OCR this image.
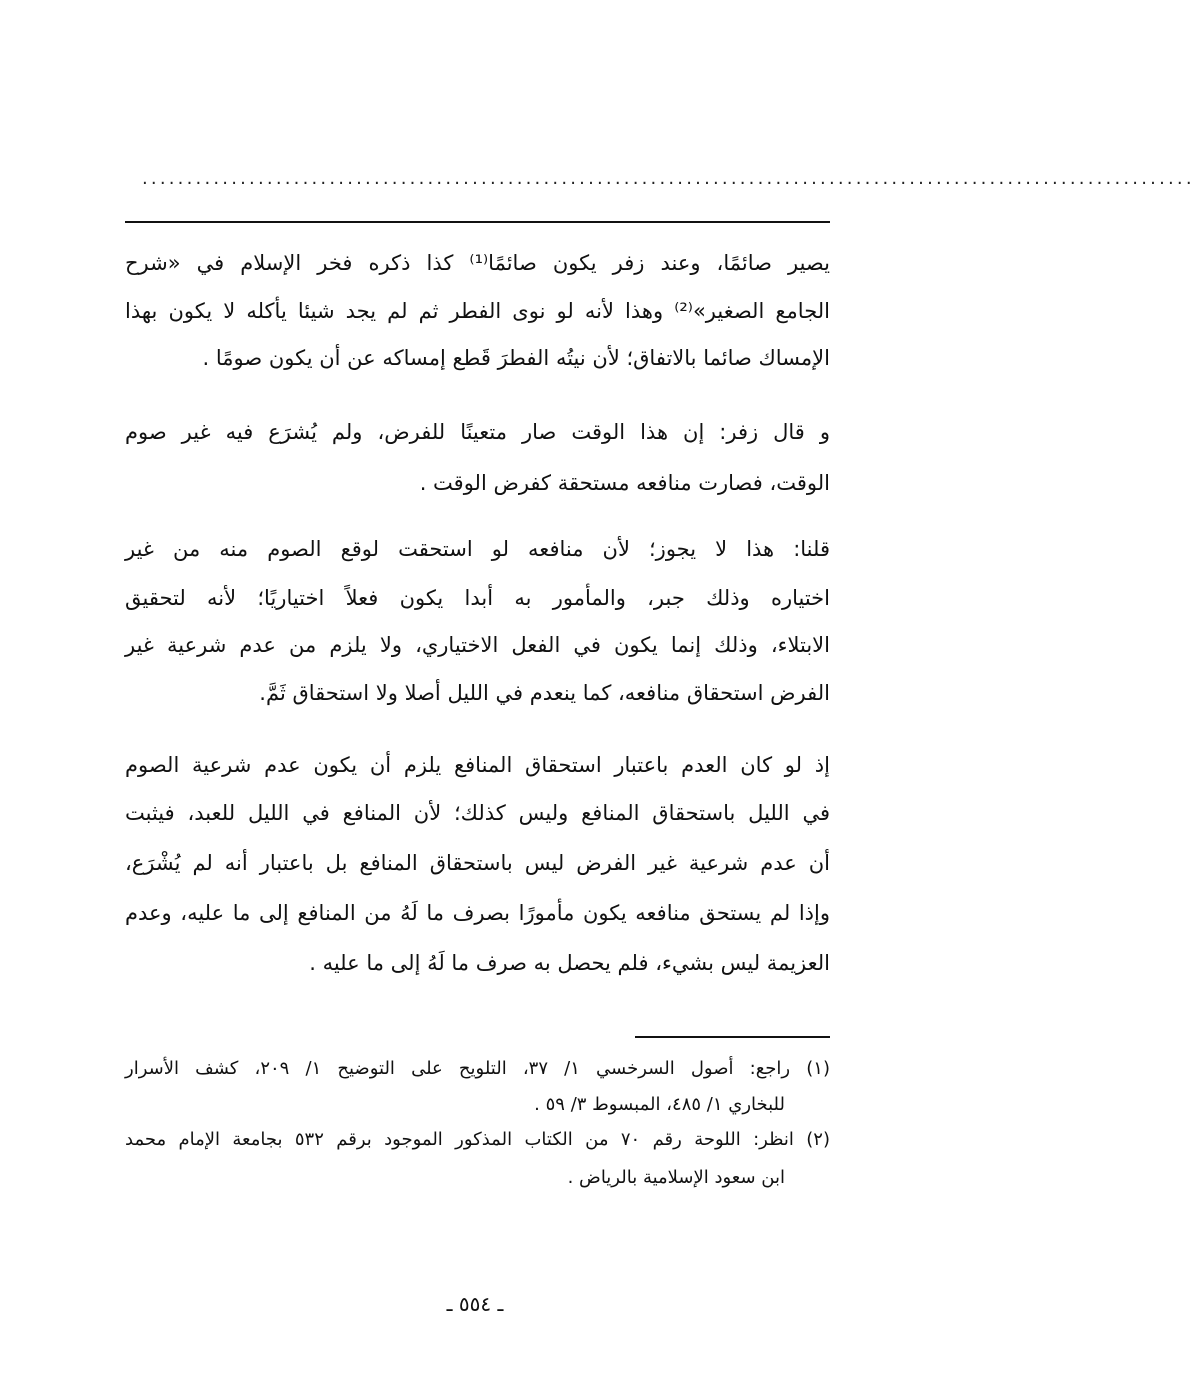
......................................................................................................................
يصير صائمًا، وعند زفر يكون صائمًا⁽¹⁾ كذا ذكره فخر الإسلام في «شرح
الجامع الصغير»⁽²⁾ وهذا لأنه لو نوى الفطر ثم لم يجد شيئا يأكله لا يكون بهذا
الإمساك صائما بالاتفاق؛ لأن نيتُه الفطرَ قَطع إمساكه عن أن يكون صومًا .
و قال زفر: إن هذا الوقت صار متعينًا للفرض، ولم يُشرَع فيه غير صوم
الوقت، فصارت منافعه مستحقة كفرض الوقت .
قلنا: هذا لا يجوز؛ لأن منافعه لو استحقت لوقع الصوم منه من غير
اختياره وذلك جبر، والمأمور به أبدا يكون فعلاً اختياريًا؛ لأنه لتحقيق
الابتلاء، وذلك إنما يكون في الفعل الاختياري، ولا يلزم من عدم شرعية غير
الفرض استحقاق منافعه، كما ينعدم في الليل أصلا ولا استحقاق ثَمَّ.
إذ لو كان العدم باعتبار استحقاق المنافع يلزم أن يكون عدم شرعية الصوم
في الليل باستحقاق المنافع وليس كذلك؛ لأن المنافع في الليل للعبد، فيثبت
أن عدم شرعية غير الفرض ليس باستحقاق المنافع بل باعتبار أنه لم يُشْرَع،
وإذا لم يستحق منافعه يكون مأمورًا بصرف ما لَهُ من المنافع إلى ما عليه، وعدم
العزيمة ليس بشيء، فلم يحصل به صرف ما لَهُ إلى ما عليه .
(١) راجع: أصول السرخسي ١/ ٣٧، التلويح على التوضيح ١/ ٢٠٩، كشف الأسرار
للبخاري ١/ ٤٨٥، المبسوط ٣/ ٥٩ .
(٢) انظر: اللوحة رقم ٧٠ من الكتاب المذكور الموجود برقم ٥٣٢ بجامعة الإمام محمد
ابن سعود الإسلامية بالرياض .
ـ ٥٥٤ ـ
